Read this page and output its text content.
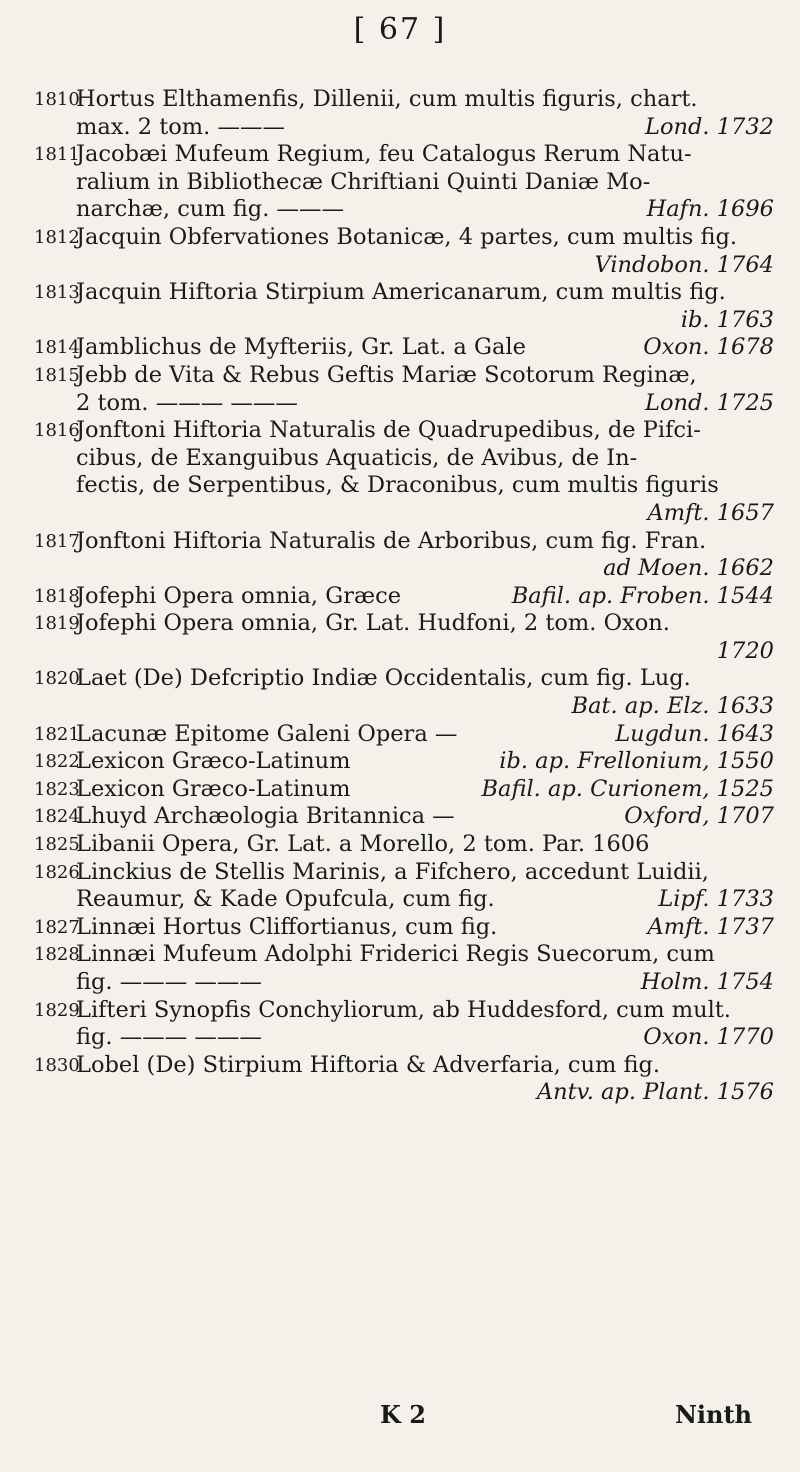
[ 67 ]
1810
Hortus Elthamenfis, Dillenii, cum multis figuris, chart.
max. 2 tom. ———	Lond. 1732
1811
Jacobæi Mufeum Regium, feu Catalogus Rerum Natu-
ralium in Bibliothecæ Chriftiani Quinti Daniæ Mo-
narchæ, cum fig. ———	Hafn. 1696
1812
Jacquin Obfervationes Botanicæ, 4 partes, cum multis fig.
Vindobon. 1764
1813
Jacquin Hiftoria Stirpium Americanarum, cum multis fig.
ib. 1763
1814
Jamblichus de Myfteriis, Gr. Lat. a Gale	Oxon. 1678
1815
Jebb de Vita & Rebus Geftis Mariæ Scotorum Reginæ,
2 tom. ——— ———	Lond. 1725
1816
Jonftoni Hiftoria Naturalis de Quadrupedibus, de Pifci-
cibus, de Exanguibus Aquaticis, de Avibus, de In-
fectis, de Serpentibus, & Draconibus, cum multis figuris
Amft. 1657
1817
Jonftoni Hiftoria Naturalis de Arboribus, cum fig. Fran.
ad Moen. 1662
1818
Jofephi Opera omnia, Græce	Bafil. ap. Froben. 1544
1819
Jofephi Opera omnia, Gr. Lat. Hudfoni, 2 tom. Oxon.
1720
1820
Laet (De) Defcriptio Indiæ Occidentalis, cum fig. Lug.
Bat. ap. Elz. 1633
1821
Lacunæ Epitome Galeni Opera —	Lugdun. 1643
1822
Lexicon Græco-Latinum	ib. ap. Frellonium, 1550
1823
Lexicon Græco-Latinum	Bafil. ap. Curionem, 1525
1824
Lhuyd Archæologia Britannica —	Oxford, 1707
1825
Libanii Opera, Gr. Lat. a Morello, 2 tom. Par. 1606
1826
Linckius de Stellis Marinis, a Fifchero, accedunt Luidii,
Reaumur, & Kade Opufcula, cum fig.	Lipf. 1733
1827
Linnæi Hortus Cliffortianus, cum fig.	Amft. 1737
1828
Linnæi Mufeum Adolphi Friderici Regis Suecorum, cum
fig. ——— ———	Holm. 1754
1829
Lifteri Synopfis Conchyliorum, ab Huddesford, cum mult.
fig. ——— ———	Oxon. 1770
1830
Lobel (De) Stirpium Hiftoria & Adverfaria, cum fig.
Antv. ap. Plant. 1576
K 2	Ninth
